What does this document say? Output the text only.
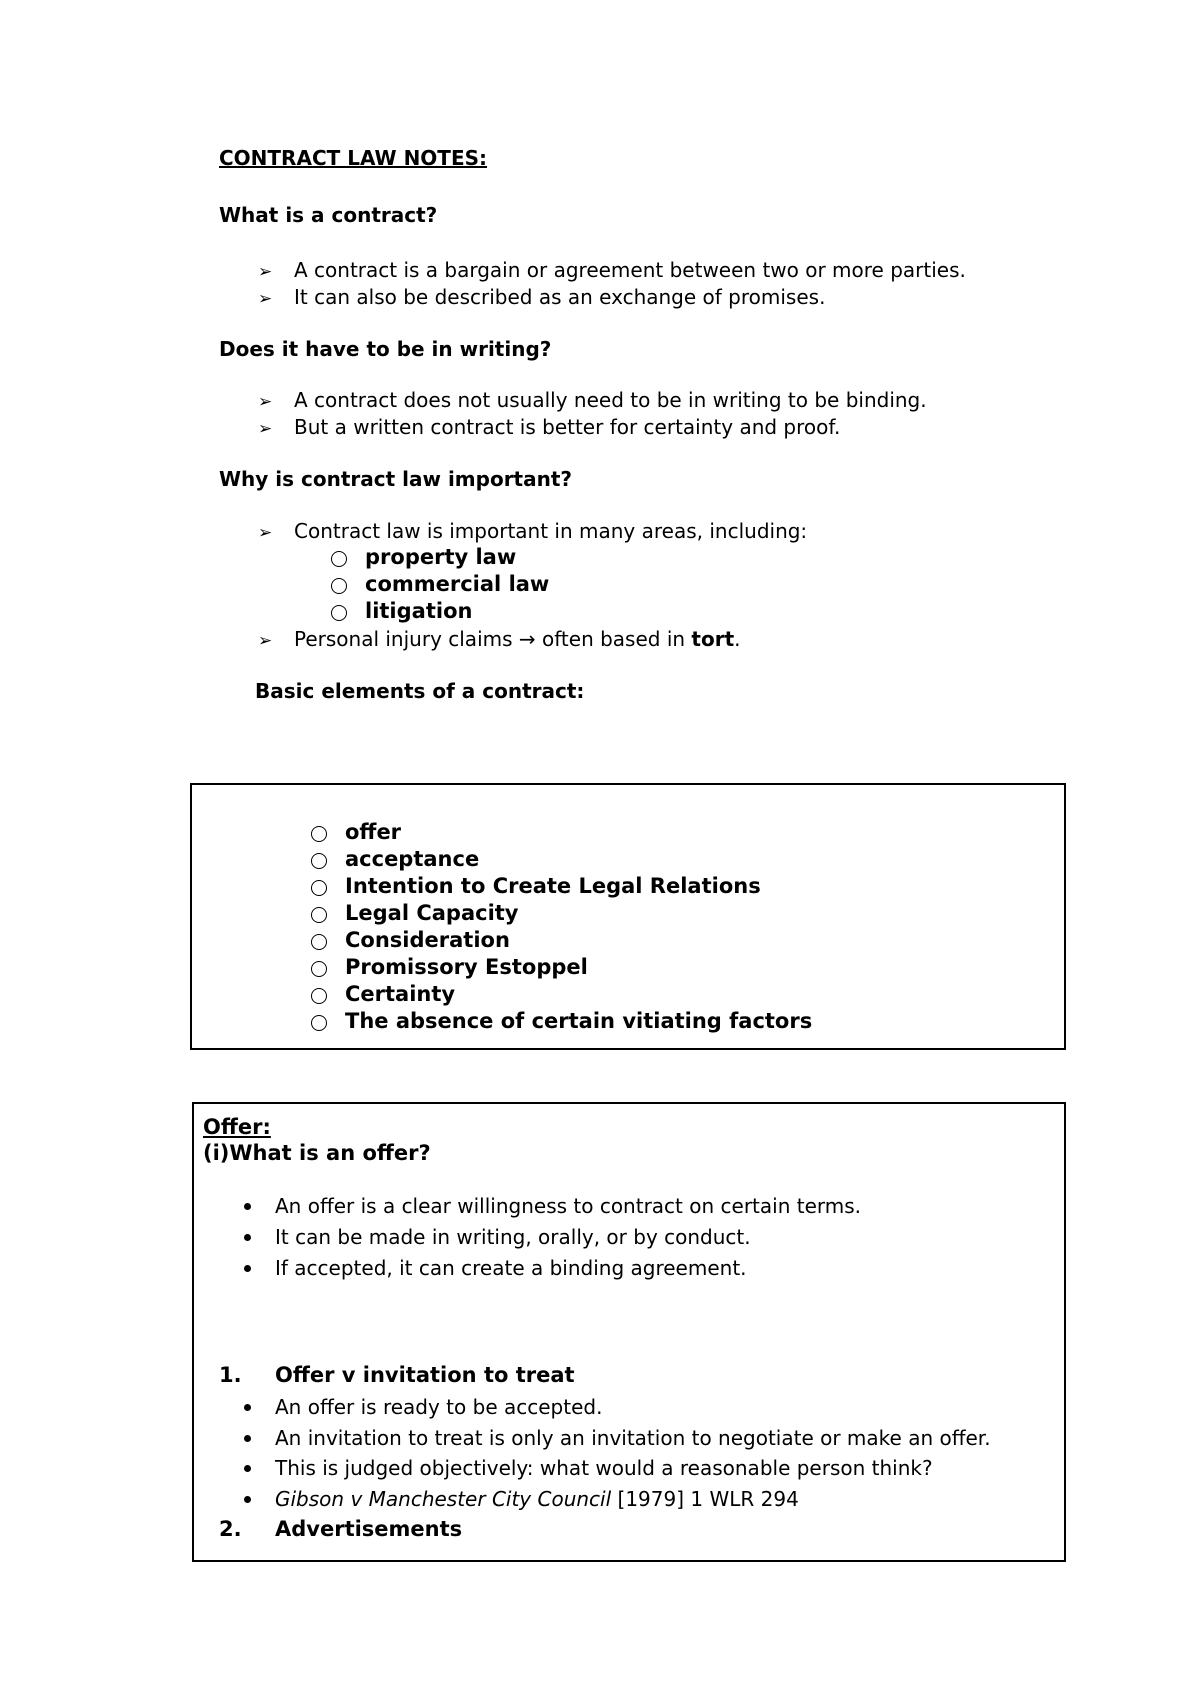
CONTRACT LAW NOTES:
What is a contract?
➢	A contract is a bargain or agreement between two or more parties.
➢	It can also be described as an exchange of promises.
Does it have to be in writing?
➢	A contract does not usually need to be in writing to be binding.
➢	But a written contract is better for certainty and proof.
Why is contract law important?
➢	Contract law is important in many areas, including:
property law
commercial law
litigation
➢	Personal injury claims → often based in tort.
Basic elements of a contract:
offer
acceptance
Intention to Create Legal Relations
Legal Capacity
Consideration
Promissory Estoppel
Certainty
The absence of certain vitiating factors
Offer:
(i)What is an offer?
An offer is a clear willingness to contract on certain terms.
It can be made in writing, orally, or by conduct.
If accepted, it can create a binding agreement.
1.	Offer v invitation to treat
An offer is ready to be accepted.
An invitation to treat is only an invitation to negotiate or make an offer.
This is judged objectively: what would a reasonable person think?
Gibson v Manchester City Council [1979] 1 WLR 294
2.	Advertisements
